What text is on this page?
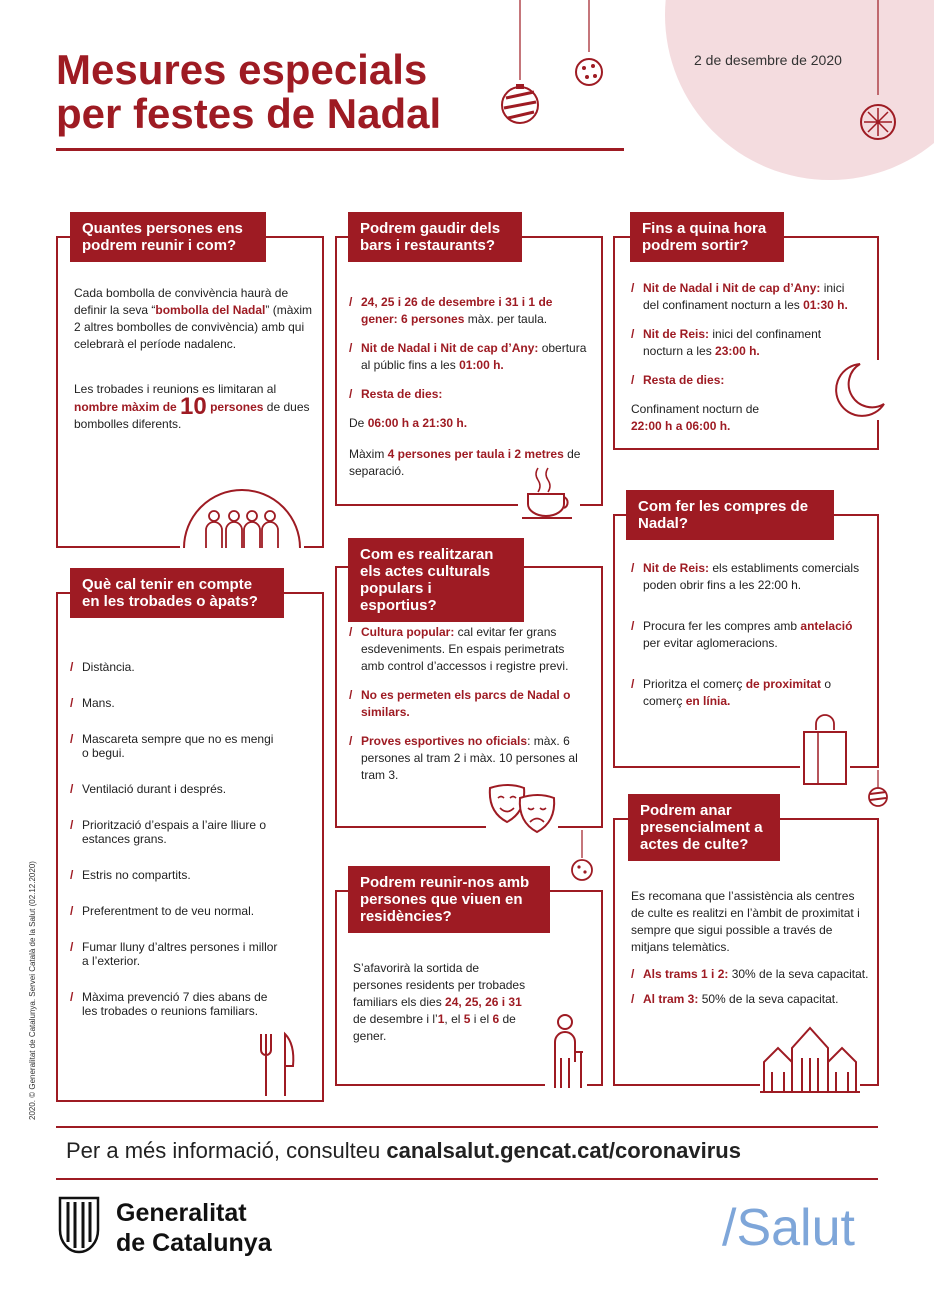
Mesures especials
per festes de Nadal
2 de desembre de 2020
Quantes persones ens podrem reunir i com?

Cada bombolla de convivència haurà de definir la seva “bombolla del Nadal” (màxim 2 altres bombolles de convivència) amb qui celebrarà el període nadalenc.

Les trobades i reunions es limitaran al
nombre màxim de 10 persones de dues bombolles diferents.

Podrem gaudir dels bars i restaurants?
/ 24, 25 i 26 de desembre i 31 i 1 de gener: 6 persones màx. per taula.
/ Nit de Nadal i Nit de cap d’Any: obertura al públic fins a les 01:00 h.
/ Resta de dies:

De 06:00 h a 21:30 h.

Màxim 4 persones per taula i 2 metres de separació.

Fins a quina hora podrem sortir?
/ Nit de Nadal i Nit de cap d’Any: inici del confinament nocturn a les 01:30 h.
/ Nit de Reis: inici del confinament nocturn a les 23:00 h.
/ Resta de dies:

Confinament nocturn de
22:00 h a 06:00 h.

Com fer les compres de Nadal?
/ Nit de Reis: els establiments comercials poden obrir fins a les 22:00 h.
/ Procura fer les compres amb antelació per evitar aglomeracions.
/ Prioritza el comerç de proximitat o comerç en línia.
Què cal tenir en compte en les trobades o àpats?
/ Distància.
/ Mans.
/ Mascareta sempre que no es mengi o begui.
/ Ventilació durant i després.
/ Priorització d’espais a l’aire lliure o estances grans.
/ Estris no compartits.
/ Preferentment to de veu normal.
/ Fumar lluny d’altres persones i millor a l’exterior.
/ Màxima prevenció 7 dies abans de les trobades o reunions familiars.
Com es realitzaran els actes culturals populars i esportius?
/ Cultura popular: cal evitar fer grans esdeveniments. En espais perimetrats amb control d’accessos i registre previ.
/ No es permeten els parcs de Nadal o similars.
/ Proves esportives no oficials: màx. 6 persones al tram 2 i màx. 10 persones al tram 3.
Podrem reunir-nos amb persones que viuen en residències?

S’afavorirà la sortida de persones residents per trobades familiars els dies 24, 25, 26 i 31 de desembre i l’1, el 5 i el 6 de gener.

Podrem anar presencialment a actes de culte?

Es recomana que l’assistència als centres de culte es realitzi en l’àmbit de proximitat i sempre que sigui possible a través de mitjans telemàtics.

/ Als trams 1 i 2: 30% de la seva capacitat.
/ Al tram 3: 50% de la seva capacitat.
2020. © Generalitat de Catalunya. Servei Català de la Salut (02.12.2020)
Per a més informació, consulteu canalsalut.gencat.cat/coronavirus
Generalitat
de Catalunya	/Salut
